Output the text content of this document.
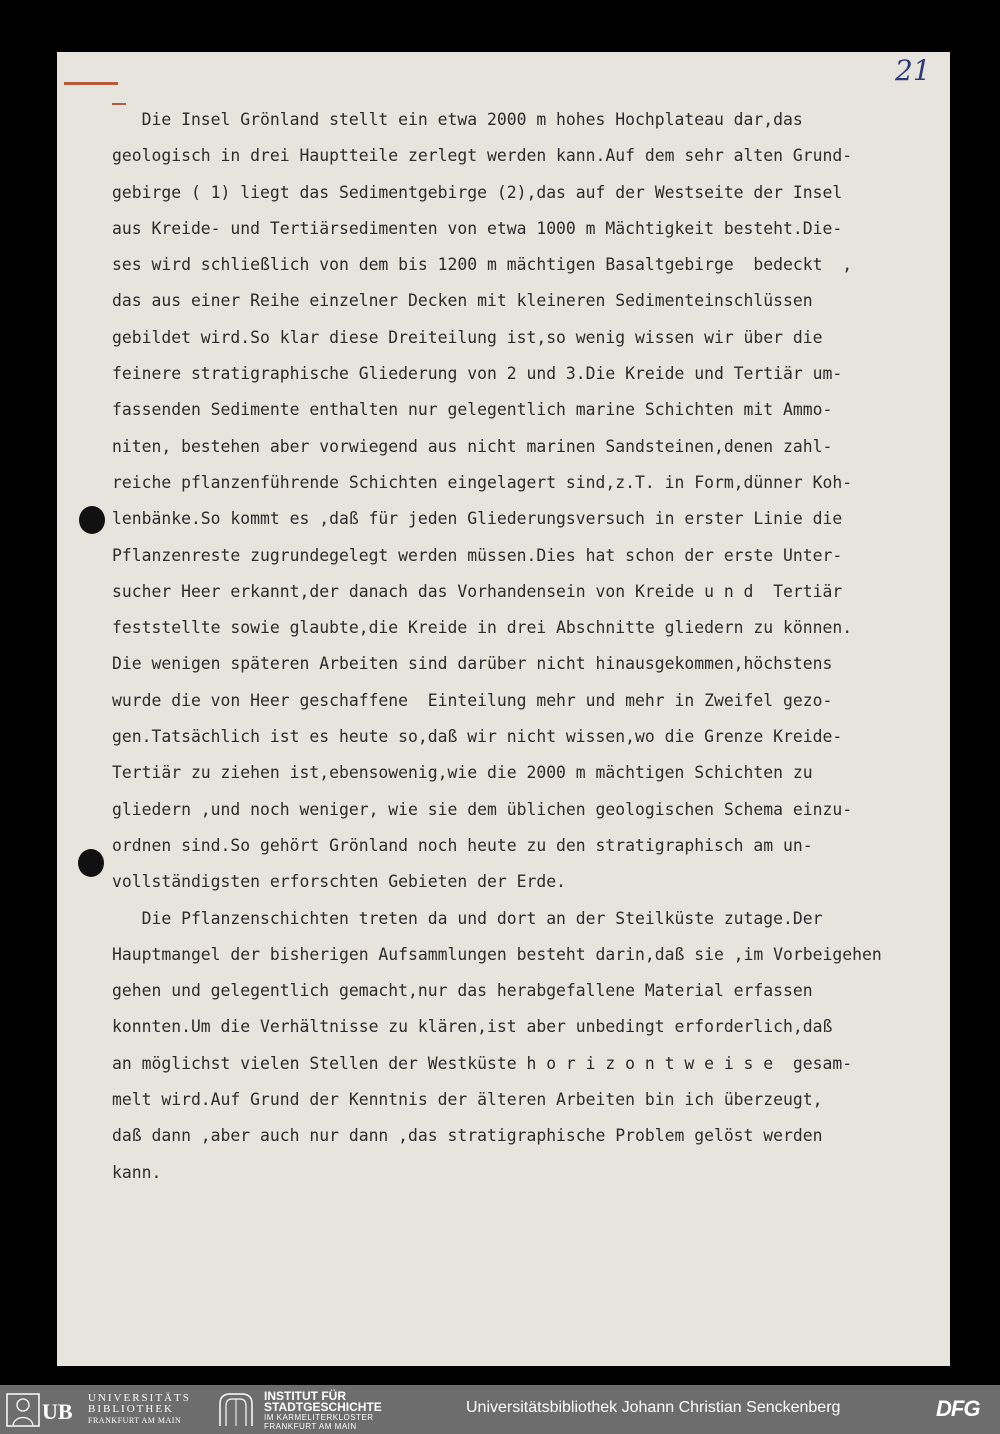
21
Die Insel Grönland stellt ein etwa 2000 m hohes Hochplateau dar,das
geologisch in drei Hauptteile zerlegt werden kann.Auf dem sehr alten Grund-
gebirge ( 1) liegt das Sedimentgebirge (2),das auf der Westseite der Insel
aus Kreide- und Tertiärsedimenten von etwa 1000 m Mächtigkeit besteht.Die-
ses wird schließlich von dem bis 1200 m mächtigen Basaltgebirge  bedeckt  ,
das aus einer Reihe einzelner Decken mit kleineren Sedimenteinschlüssen
gebildet wird.So klar diese Dreiteilung ist,so wenig wissen wir über die
feinere stratigraphische Gliederung von 2 und 3.Die Kreide und Tertiär um-
fassenden Sedimente enthalten nur gelegentlich marine Schichten mit Ammo-
niten, bestehen aber vorwiegend aus nicht marinen Sandsteinen,denen zahl-
reiche pflanzenführende Schichten eingelagert sind,z.T. in Form,dünner Koh-
lenbänke.So kommt es ,daß für jeden Gliederungsversuch in erster Linie die
Pflanzenreste zugrundegelegt werden müssen.Dies hat schon der erste Unter-
sucher Heer erkannt,der danach das Vorhandensein von Kreide u n d  Tertiär
feststellte sowie glaubte,die Kreide in drei Abschnitte gliedern zu können.
Die wenigen späteren Arbeiten sind darüber nicht hinausgekommen,höchstens
wurde die von Heer geschaffene  Einteilung mehr und mehr in Zweifel gezo-
gen.Tatsächlich ist es heute so,daß wir nicht wissen,wo die Grenze Kreide-
Tertiär zu ziehen ist,ebensowenig,wie die 2000 m mächtigen Schichten zu
gliedern ,und noch weniger, wie sie dem üblichen geologischen Schema einzu-
ordnen sind.So gehört Grönland noch heute zu den stratigraphisch am un-
vollständigsten erforschten Gebieten der Erde.
Die Pflanzenschichten treten da und dort an der Steilküste zutage.Der
Hauptmangel der bisherigen Aufsammlungen besteht darin,daß sie ,im Vorbeigehen
gehen und gelegentlich gemacht,nur das herabgefallene Material erfassen
konnten.Um die Verhältnisse zu klären,ist aber unbedingt erforderlich,daß
an möglichst vielen Stellen der Westküste h o r i z o n t w e i s e  gesam-
melt wird.Auf Grund der Kenntnis der älteren Arbeiten bin ich überzeugt,
daß dann ,aber auch nur dann ,das stratigraphische Problem gelöst werden
kann.
UB
UNIVERSITÄTS
BIBLIOTHEK
FRANKFURT AM MAIN
INSTITUT FÜR
STADTGESCHICHTE
IM KARMELITERKLOSTER
FRANKFURT AM MAIN
Universitätsbibliothek Johann Christian Senckenberg	DFG
